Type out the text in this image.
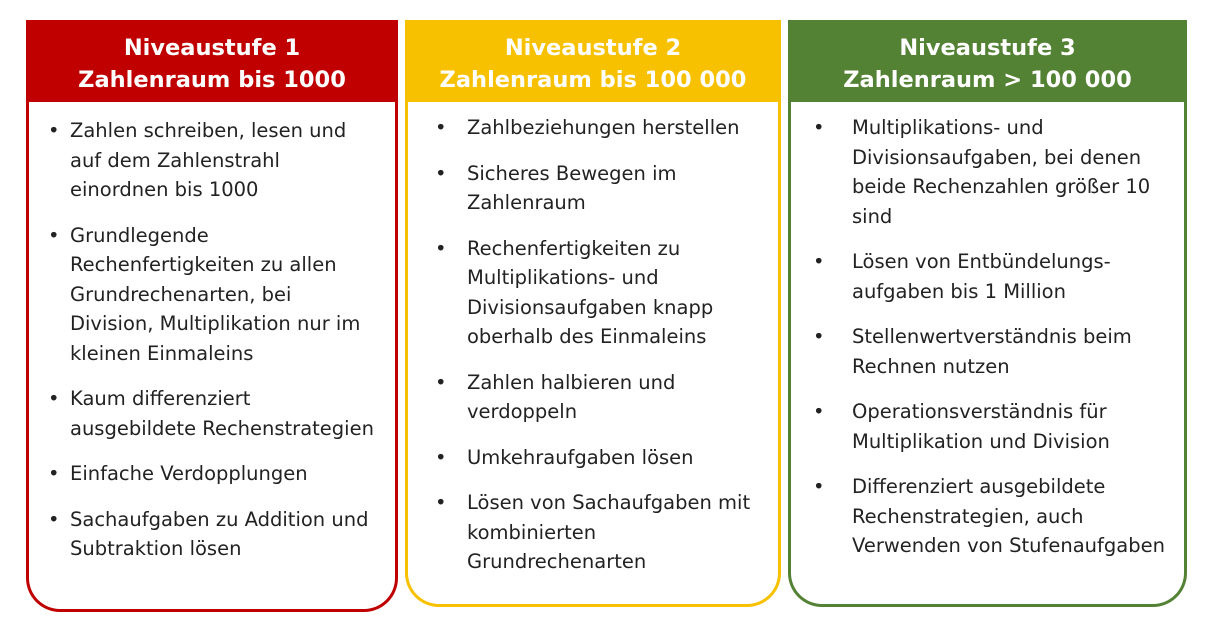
Niveaustufe 1
Zahlenraum bis 1000
• Zahlen schreiben, lesen und auf dem Zahlenstrahl einordnen bis 1000
• Grundlegende Rechenfertigkeiten zu allen Grundrechenarten, bei Division, Multiplikation nur im kleinen Einmaleins
• Kaum differenziert ausgebildete Rechenstrategien
• Einfache Verdopplungen
• Sachaufgaben zu Addition und Subtraktion lösen
Niveaustufe 2
Zahlenraum bis 100 000
• Zahlbeziehungen herstellen
• Sicheres Bewegen im Zahlenraum
• Rechenfertigkeiten zu Multiplikations- und Divisionsaufgaben knapp oberhalb des Einmaleins
• Zahlen halbieren und verdoppeln
• Umkehraufgaben lösen
• Lösen von Sachaufgaben mit kombinierten Grundrechenarten
Niveaustufe 3
Zahlenraum > 100 000
• Multiplikations- und Divisionsaufgaben, bei denen beide Rechenzahlen größer 10 sind
• Lösen von Entbündelungs-aufgaben bis 1 Million
• Stellenwertverständnis beim Rechnen nutzen
• Operationsverständnis für Multiplikation und Division
• Differenziert ausgebildete Rechenstrategien, auch Verwenden von Stufenaufgaben
